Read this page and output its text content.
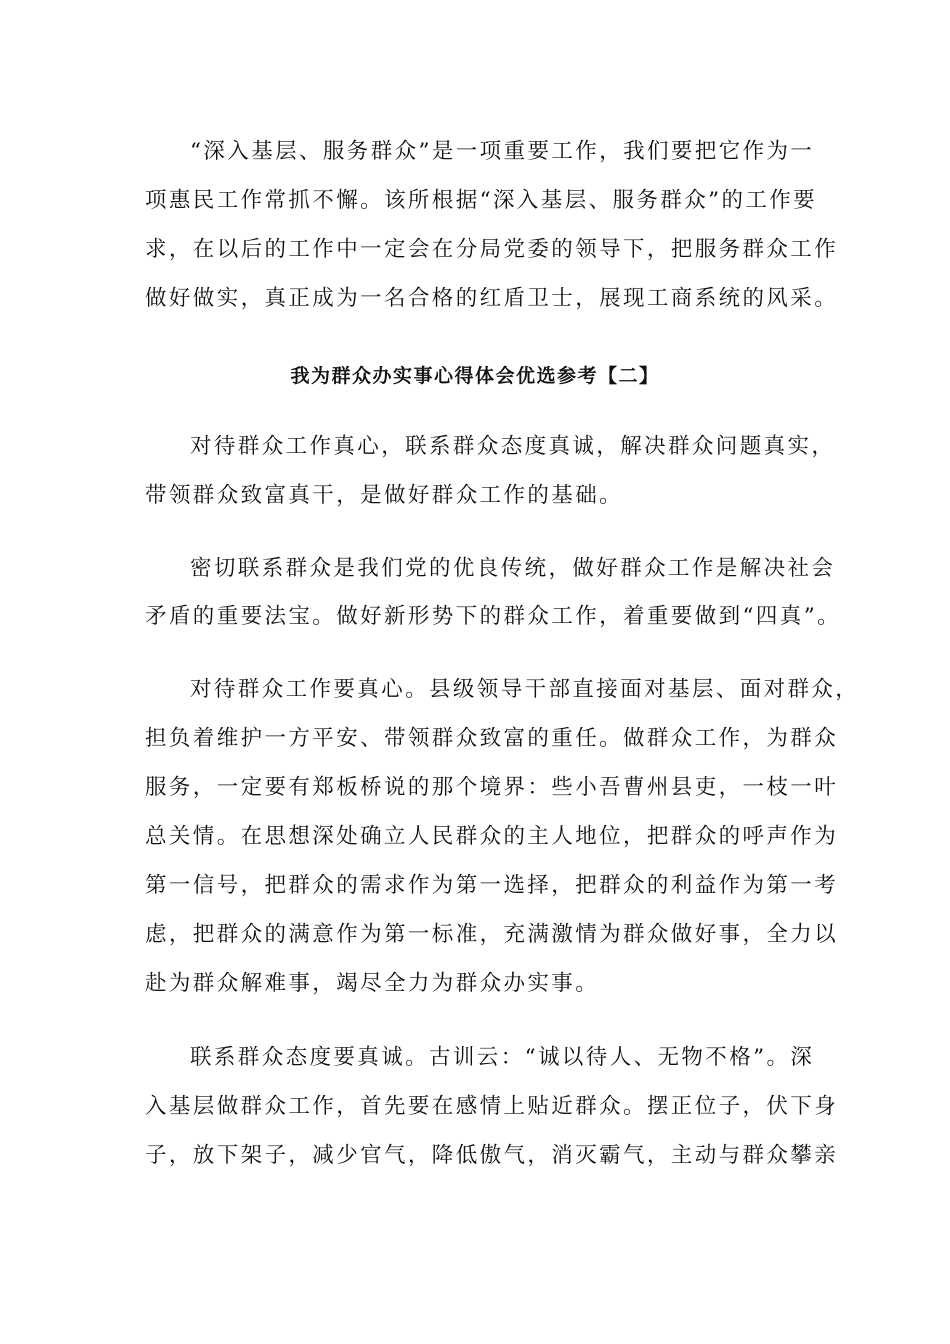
“深入基层、服务群众”是一项重要工作，我们要把它作为一
项惠民工作常抓不懈。该所根据“深入基层、服务群众”的工作要
求，在以后的工作中一定会在分局党委的领导下，把服务群众工作
做好做实，真正成为一名合格的红盾卫士，展现工商系统的风采。
我为群众办实事心得体会优选参考【二】
对待群众工作真心，联系群众态度真诚，解决群众问题真实，
带领群众致富真干，是做好群众工作的基础。
密切联系群众是我们党的优良传统，做好群众工作是解决社会
矛盾的重要法宝。做好新形势下的群众工作，着重要做到“四真”。
对待群众工作要真心。县级领导干部直接面对基层、面对群众，
担负着维护一方平安、带领群众致富的重任。做群众工作，为群众
服务，一定要有郑板桥说的那个境界：些小吾曹州县吏，一枝一叶
总关情。在思想深处确立人民群众的主人地位，把群众的呼声作为
第一信号，把群众的需求作为第一选择，把群众的利益作为第一考
虑，把群众的满意作为第一标准，充满激情为群众做好事，全力以
赴为群众解难事，竭尽全力为群众办实事。
联系群众态度要真诚。古训云：“诚以待人、无物不格”。深
入基层做群众工作，首先要在感情上贴近群众。摆正位子，伏下身
子，放下架子，减少官气，降低傲气，消灭霸气，主动与群众攀亲
